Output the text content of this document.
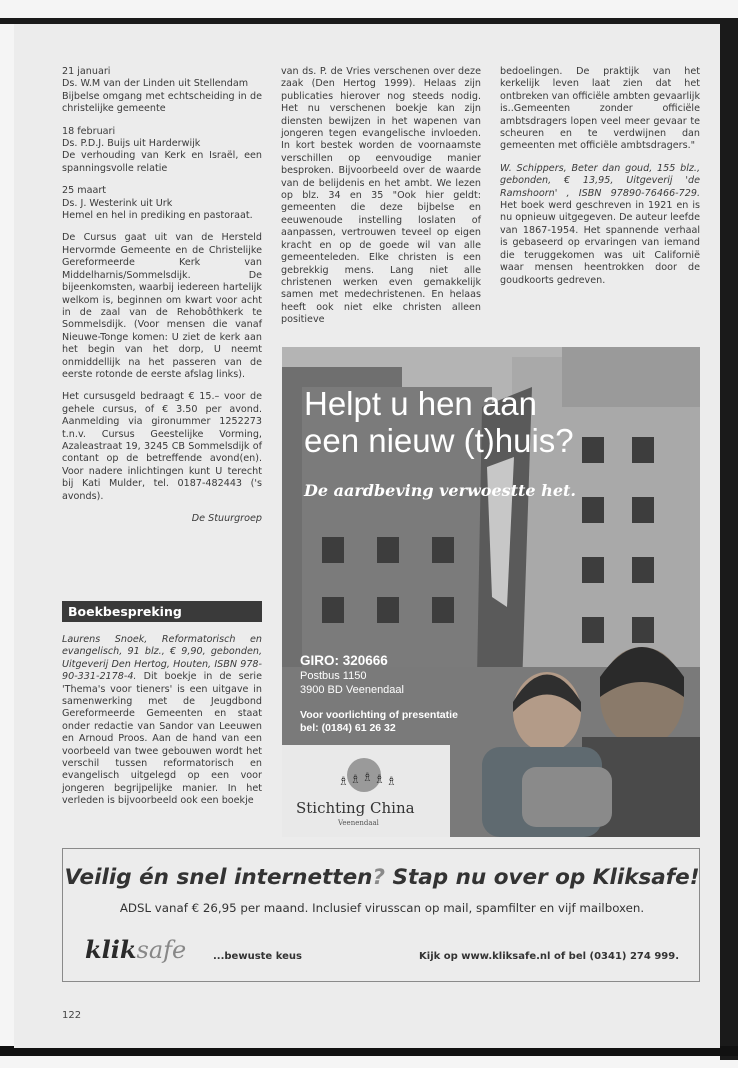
21 januari
Ds. W.M van der Linden uit Stellendam
Bijbelse omgang met echtscheiding in de christelijke gemeente

18 februari
Ds. P.D.J. Buijs uit Harderwijk
De verhouding van Kerk en Israël, een spanningsvolle relatie

25 maart
Ds. J. Westerink uit Urk
Hemel en hel in prediking en pastoraat.

De Cursus gaat uit van de Hersteld Hervormde Gemeente en de Christelijke Gereformeerde Kerk van Middelharnis/Sommelsdijk. De bijeenkomsten, waarbij iedereen hartelijk welkom is, beginnen om kwart voor acht in de zaal van de Rehobôthkerk te Sommelsdijk. (Voor mensen die vanaf Nieuwe-Tonge komen: U ziet de kerk aan het begin van het dorp, U neemt onmiddellijk na het passeren van de eerste rotonde de eerste afslag links).

Het cursusgeld bedraagt € 15.– voor de gehele cursus, of € 3.50 per avond. Aanmelding via gironummer 1252273 t.n.v. Cursus Geestelijke Vorming, Azaleastraat 19, 3245 CB Sommelsdijk of contant op de betreffende avond(en). Voor nadere inlichtingen kunt U terecht bij Kati Mulder, tel. 0187-482443 ('s avonds).

De Stuurgroep

Boekbespreking

Laurens Snoek, Reformatorisch en evangelisch, 91 blz., € 9,90, gebonden, Uitgeverij Den Hertog, Houten, ISBN 978-90-331-2178-4. Dit boekje in de serie 'Thema's voor tieners' is een uitgave in samenwerking met de Jeugdbond Gereformeerde Gemeenten en staat onder redactie van Sandor van Leeuwen en Arnoud Proos. Aan de hand van een voorbeeld van twee gebouwen wordt het verschil tussen reformatorisch en evangelisch uitgelegd op een voor jongeren begrijpelijke manier. In het verleden is bijvoorbeeld ook een boekje

van ds. P. de Vries verschenen over deze zaak (Den Hertog 1999). Helaas zijn publicaties hierover nog steeds nodig. Het nu verschenen boekje kan zijn diensten bewijzen in het wapenen van jongeren tegen evangelische invloeden. In kort bestek worden de voornaamste verschillen op eenvoudige manier besproken. Bijvoorbeeld over de waarde van de belijdenis en het ambt. We lezen op blz. 34 en 35 "Ook hier geldt: gemeenten die deze bijbelse en eeuwenoude instelling loslaten of aanpassen, vertrouwen teveel op eigen kracht en op de goede wil van alle gemeenteleden. Elke christen is een gebrekkig mens. Lang niet alle christenen werken even gemakkelijk samen met medechristenen. En helaas heeft ook niet elke christen alleen positieve

bedoelingen. De praktijk van het kerkelijk leven laat zien dat het ontbreken van officiële ambten gevaarlijk is..Gemeenten zonder officiële ambtsdragers lopen veel meer gevaar te scheuren en te verdwijnen dan gemeenten met officiële ambtsdragers."

W. Schippers, Beter dan goud, 155 blz., gebonden, € 13,95, Uitgeverij 'de Ramshoorn' , ISBN 97890-76466-729. Het boek werd geschreven in 1921 en is nu opnieuw uitgegeven. De auteur leefde van 1867-1954. Het spannende verhaal is gebaseerd op ervaringen van iemand die teruggekomen was uit Californië waar mensen heentrokken door de goudkoorts gedreven.

Helpt u hen aan
een nieuw (t)huis?
De aardbeving verwoestte het.
GIRO: 320666
Postbus 1150
3900 BD Veenendaal
Voor voorlichting of presentatie
bel: (0184) 61 26 32
♗ ♗ ♗ ♗ ♗
Stichting China
Veenendaal
Veilig én snel internetten? Stap nu over op Kliksafe!
ADSL vanaf € 26,95 per maand. Inclusief virusscan op mail, spamfilter en vijf mailboxen.
kliksafe	...bewuste keus	Kijk op www.kliksafe.nl of bel (0341) 274 999.
122
